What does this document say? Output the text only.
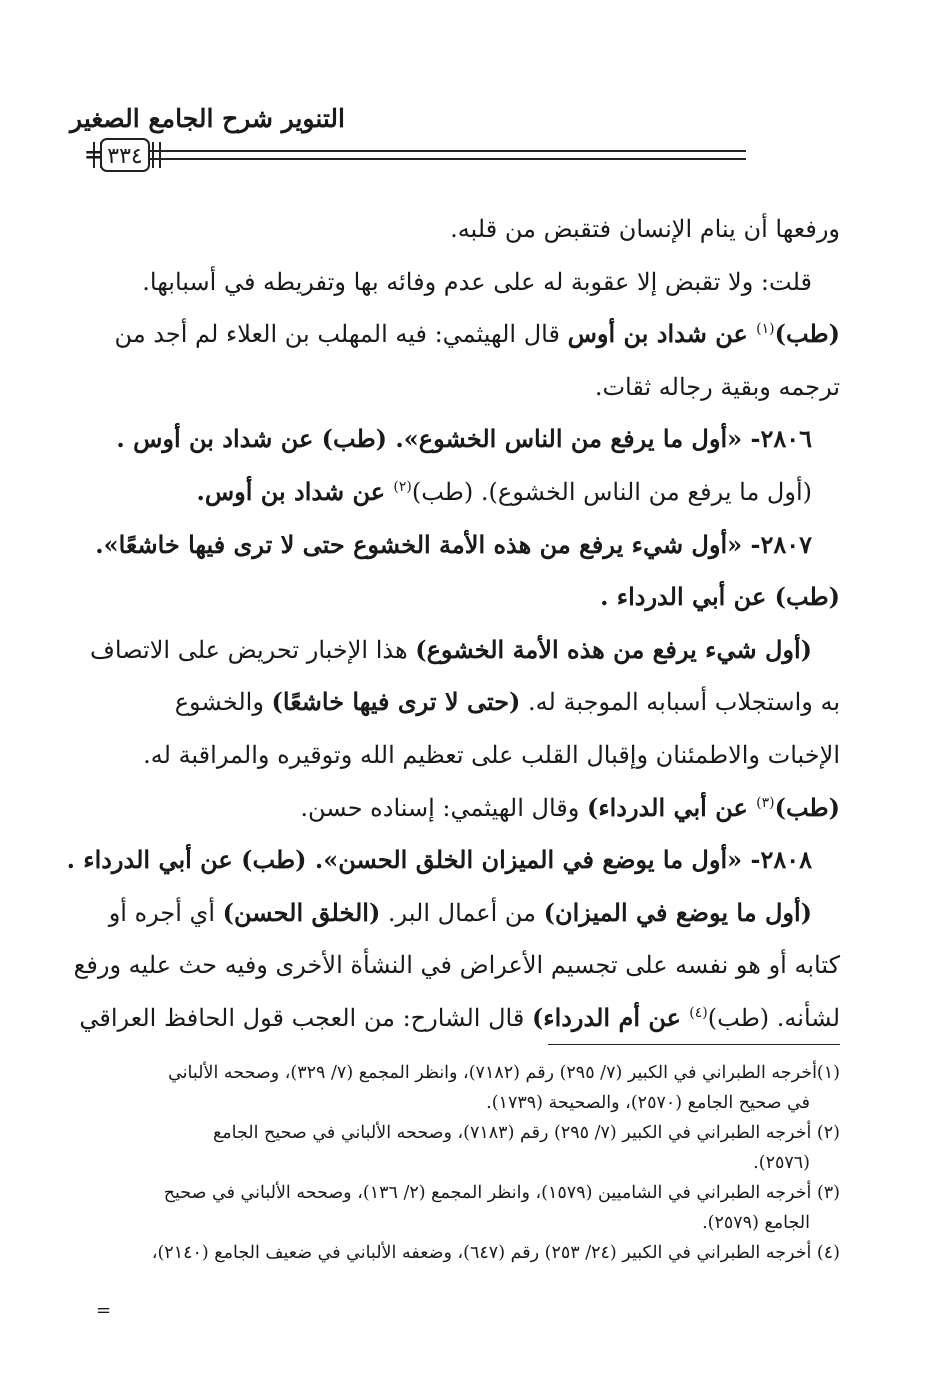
التنوير شرح الجامع الصغير
٣٣٤
=
ورفعها أن ينام الإنسان فتقبض من قلبه.
قلت: ولا تقبض إلا عقوبة له على عدم وفائه بها وتفريطه في أسبابها.
(طب)$^{(١)}$ عن شداد بن أوس قال الهيثمي: فيه المهلب بن العلاء لم أجد من
ترجمه وبقية رجاله ثقات.
٢٨٠٦- «أول ما يرفع من الناس الخشوع». (طب) عن شداد بن أوس .
(أول ما يرفع من الناس الخشوع). (طب)$^{(٢)}$ عن شداد بن أوس.
٢٨٠٧- «أول شيء يرفع من هذه الأمة الخشوع حتى لا ترى فيها خاشعًا».
(طب) عن أبي الدرداء .
(أول شيء يرفع من هذه الأمة الخشوع) هذا الإخبار تحريض على الاتصاف
به واستجلاب أسبابه الموجبة له. (حتى لا ترى فيها خاشعًا) والخشوع
الإخبات والاطمئنان وإقبال القلب على تعظيم الله وتوقيره والمراقبة له.
(طب)$^{(٣)}$ عن أبي الدرداء) وقال الهيثمي: إسناده حسن.
٢٨٠٨- «أول ما يوضع في الميزان الخلق الحسن». (طب) عن أبي الدرداء .
(أول ما يوضع في الميزان) من أعمال البر. (الخلق الحسن) أي أجره أو
كتابه أو هو نفسه على تجسيم الأعراض في النشأة الأخرى وفيه حث عليه ورفع
لشأنه. (طب)$^{(٤)}$ عن أم الدرداء) قال الشارح: من العجب قول الحافظ العراقي
(١)أخرجه الطبراني في الكبير (٧/ ٢٩٥) رقم (٧١٨٢)، وانظر المجمع (٧/ ٣٢٩)، وصححه الألباني
في صحيح الجامع (٢٥٧٠)، والصحيحة (١٧٣٩).
(٢) أخرجه الطبراني في الكبير (٧/ ٢٩٥) رقم (٧١٨٣)، وصححه الألباني في صحيح الجامع
(٢٥٧٦).
(٣) أخرجه الطبراني في الشاميين (١٥٧٩)، وانظر المجمع (٢/ ١٣٦)، وصححه الألباني في صحيح
الجامع (٢٥٧٩).
(٤) أخرجه الطبراني في الكبير (٢٤/ ٢٥٣) رقم (٦٤٧)، وضعفه الألباني في ضعيف الجامع (٢١٤٠)،
=
